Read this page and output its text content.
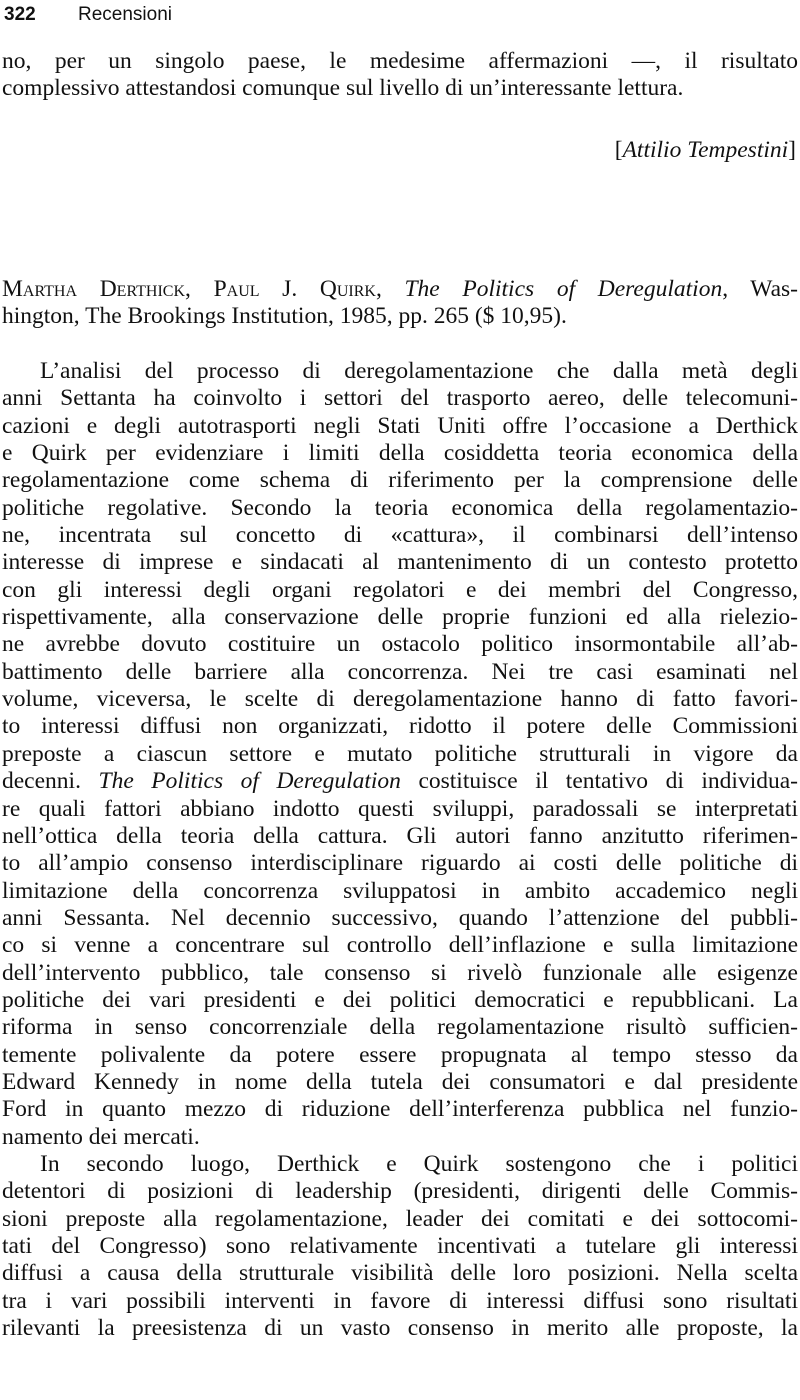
322	Recensioni
no, per un singolo paese, le medesime affermazioni —, il risultato
complessivo attestandosi comunque sul livello di un’interessante lettura.
[Attilio Tempestini]
Martha Derthick, Paul J. Quirk, The Politics of Deregulation, Was-
hington, The Brookings Institution, 1985, pp. 265 ($ 10,95).
L’analisi del processo di deregolamentazione che dalla metà degli
anni Settanta ha coinvolto i settori del trasporto aereo, delle telecomuni-
cazioni e degli autotrasporti negli Stati Uniti offre l’occasione a Derthick
e Quirk per evidenziare i limiti della cosiddetta teoria economica della
regolamentazione come schema di riferimento per la comprensione delle
politiche regolative. Secondo la teoria economica della regolamentazio-
ne, incentrata sul concetto di «cattura», il combinarsi dell’intenso
interesse di imprese e sindacati al mantenimento di un contesto protetto
con gli interessi degli organi regolatori e dei membri del Congresso,
rispettivamente, alla conservazione delle proprie funzioni ed alla rielezio-
ne avrebbe dovuto costituire un ostacolo politico insormontabile all’ab-
battimento delle barriere alla concorrenza. Nei tre casi esaminati nel
volume, viceversa, le scelte di deregolamentazione hanno di fatto favori-
to interessi diffusi non organizzati, ridotto il potere delle Commissioni
preposte a ciascun settore e mutato politiche strutturali in vigore da
decenni. The Politics of Deregulation costituisce il tentativo di individua-
re quali fattori abbiano indotto questi sviluppi, paradossali se interpretati
nell’ottica della teoria della cattura. Gli autori fanno anzitutto riferimen-
to all’ampio consenso interdisciplinare riguardo ai costi delle politiche di
limitazione della concorrenza sviluppatosi in ambito accademico negli
anni Sessanta. Nel decennio successivo, quando l’attenzione del pubbli-
co si venne a concentrare sul controllo dell’inflazione e sulla limitazione
dell’intervento pubblico, tale consenso si rivelò funzionale alle esigenze
politiche dei vari presidenti e dei politici democratici e repubblicani. La
riforma in senso concorrenziale della regolamentazione risultò sufficien-
temente polivalente da potere essere propugnata al tempo stesso da
Edward Kennedy in nome della tutela dei consumatori e dal presidente
Ford in quanto mezzo di riduzione dell’interferenza pubblica nel funzio-
namento dei mercati.
In secondo luogo, Derthick e Quirk sostengono che i politici
detentori di posizioni di leadership (presidenti, dirigenti delle Commis-
sioni preposte alla regolamentazione, leader dei comitati e dei sottocomi-
tati del Congresso) sono relativamente incentivati a tutelare gli interessi
diffusi a causa della strutturale visibilità delle loro posizioni. Nella scelta
tra i vari possibili interventi in favore di interessi diffusi sono risultati
rilevanti la preesistenza di un vasto consenso in merito alle proposte, la
